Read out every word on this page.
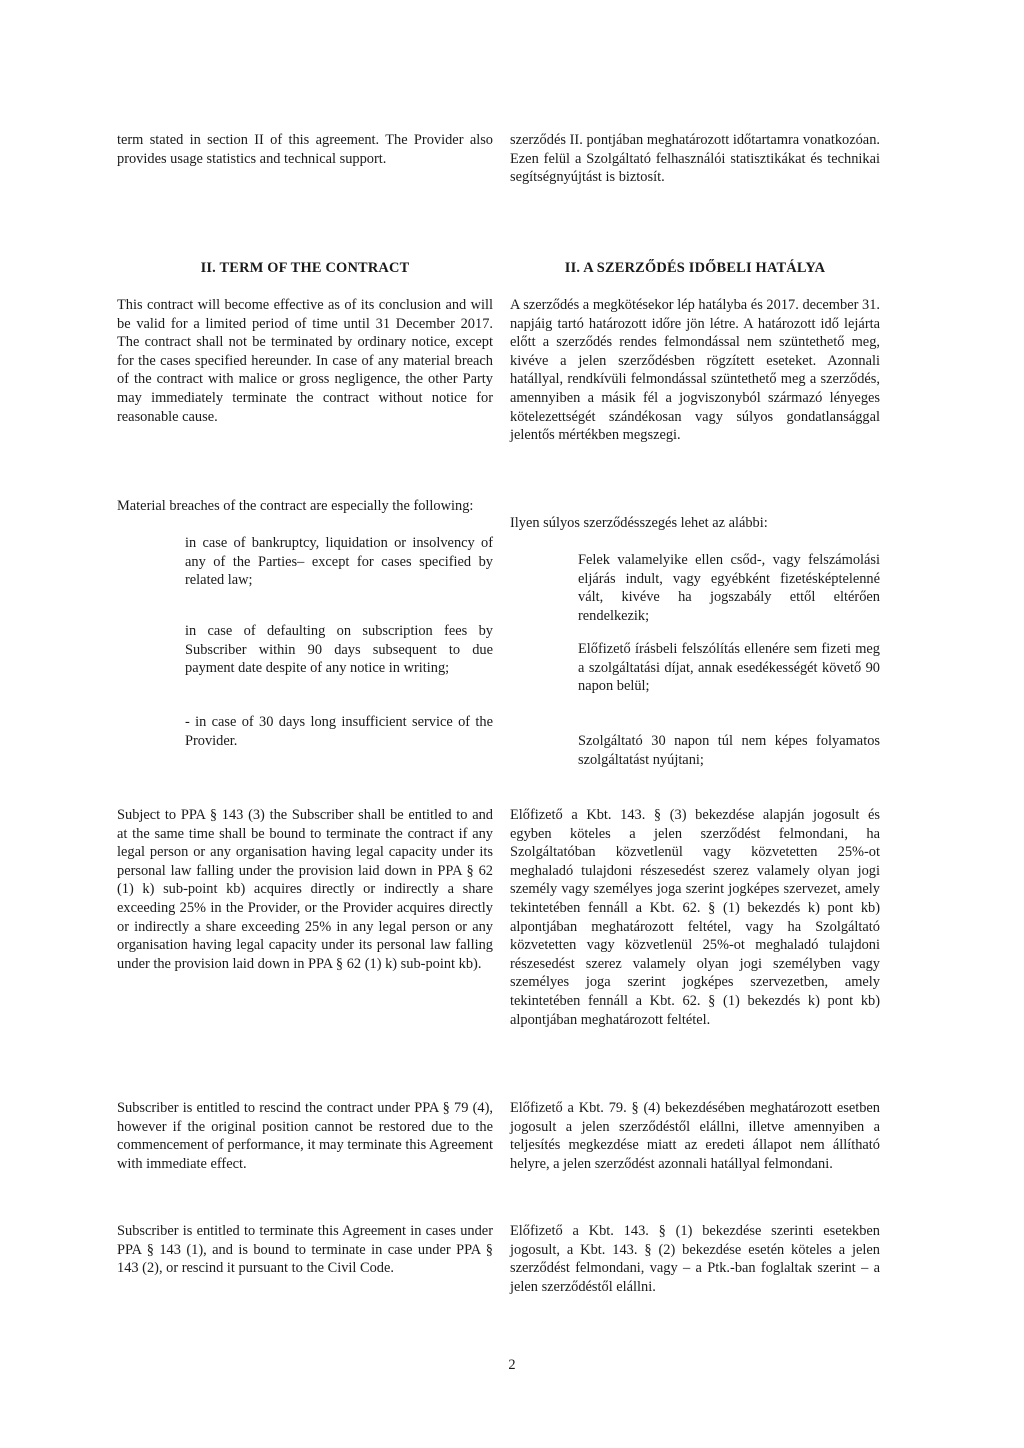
term stated in section II of this agreement. The Provider also provides usage statistics and technical support.

szerződés II. pontjában meghatározott időtartamra vonatkozóan. Ezen felül a Szolgáltató felhasználói statisztikákat és technikai segítségnyújtást is biztosít.

II. TERM OF THE CONTRACT	II. A SZERZŐDÉS IDŐBELI HATÁLYA

This contract will become effective as of its conclusion and will be valid for a limited period of time until 31 December 2017. The contract shall not be terminated by ordinary notice, except for the cases specified hereunder. In case of any material breach of the contract with malice or gross negligence, the other Party may immediately terminate the contract without notice for reasonable cause.

A szerződés a megkötésekor lép hatályba és 2017. december 31. napjáig tartó határozott időre jön létre. A határozott idő lejárta előtt a szerződés rendes felmondással nem szüntethető meg, kivéve a jelen szerződésben rögzített eseteket. Azonnali hatállyal, rendkívüli felmondással szüntethető meg a szerződés, amennyiben a másik fél a jogviszonyból származó lényeges kötelezettségét szándékosan vagy súlyos gondatlansággal jelentős mértékben megszegi.

Material breaches of the contract are especially the following:

Ilyen súlyos szerződésszegés lehet az alábbi:

in case of bankruptcy, liquidation or insolvency of any of the Parties– except for cases specified by related law;

Felek valamelyike ellen csőd-, vagy felszámolási eljárás indult, vagy egyébként fizetésképtelenné vált, kivéve ha jogszabály ettől eltérően rendelkezik;

in case of defaulting on subscription fees by Subscriber within 90 days subsequent to due payment date despite of any notice in writing;

Előfizető írásbeli felszólítás ellenére sem fizeti meg a szolgáltatási díjat, annak esedékességét követő 90 napon belül;

- in case of 30 days long insufficient service of the Provider.	Szolgáltató 30 napon túl nem képes folyamatos szolgáltatást nyújtani;

Subject to PPA § 143 (3) the Subscriber shall be entitled to and at the same time shall be bound to terminate the contract if any legal person or any organisation having legal capacity under its personal law falling under the provision laid down in PPA § 62 (1) k) sub-point kb) acquires directly or indirectly a share exceeding 25% in the Provider, or the Provider acquires directly or indirectly a share exceeding 25% in any legal person or any organisation having legal capacity under its personal law falling under the provision laid down in PPA § 62 (1) k) sub-point kb).

Előfizető a Kbt. 143. § (3) bekezdése alapján jogosult és egyben köteles a jelen szerződést felmondani, ha Szolgáltatóban közvetlenül vagy közvetetten 25%-ot meghaladó tulajdoni részesedést szerez valamely olyan jogi személy vagy személyes joga szerint jogképes szervezet, amely tekintetében fennáll a Kbt. 62. § (1) bekezdés k) pont kb) alpontjában meghatározott feltétel, vagy ha Szolgáltató közvetetten vagy közvetlenül 25%-ot meghaladó tulajdoni részesedést szerez valamely olyan jogi személyben vagy személyes joga szerint jogképes szervezetben, amely tekintetében fennáll a Kbt. 62. § (1) bekezdés k) pont kb) alpontjában meghatározott feltétel.

Subscriber is entitled to rescind the contract under PPA § 79 (4), however if the original position cannot be restored due to the commencement of performance, it may terminate this Agreement with immediate effect.

Előfizető a Kbt. 79. § (4) bekezdésében meghatározott esetben jogosult a jelen szerződéstől elállni, illetve amennyiben a teljesítés megkezdése miatt az eredeti állapot nem állítható helyre, a jelen szerződést azonnali hatállyal felmondani.

Subscriber is entitled to terminate this Agreement in cases under PPA § 143 (1), and is bound to terminate in case under PPA § 143 (2), or rescind it pursuant to the Civil Code.

Előfizető a Kbt. 143. § (1) bekezdése szerinti esetekben jogosult, a Kbt. 143. § (2) bekezdése esetén köteles a jelen szerződést felmondani, vagy – a Ptk.-ban foglaltak szerint – a jelen szerződéstől elállni.

2
